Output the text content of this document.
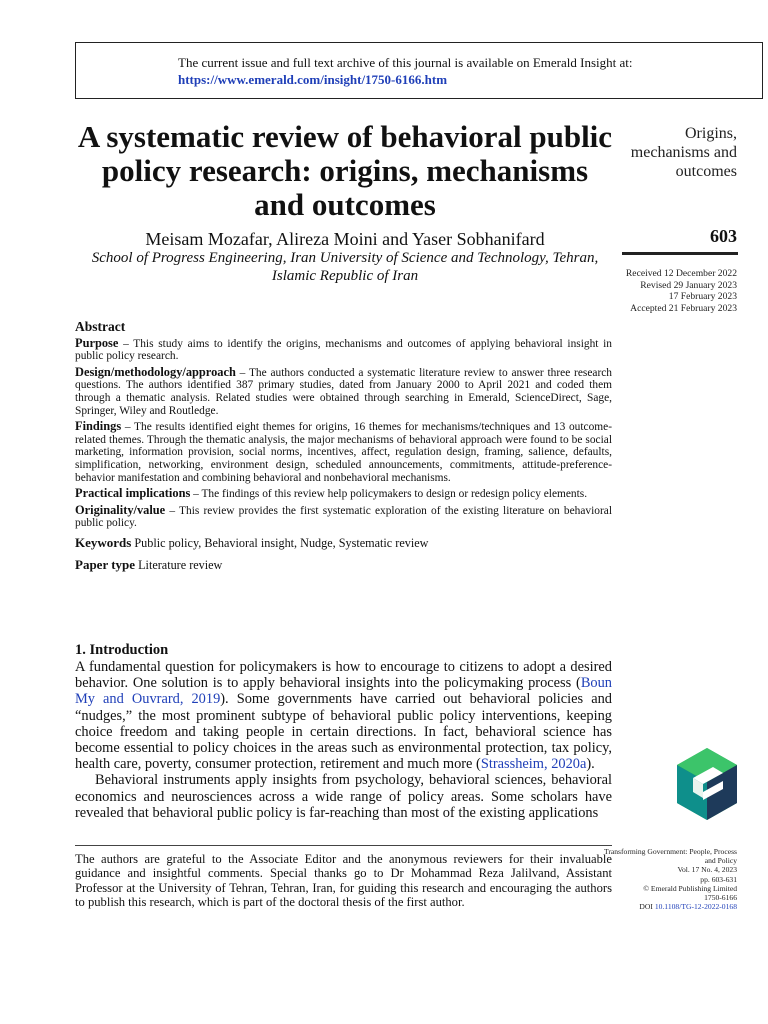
The current issue and full text archive of this journal is available on Emerald Insight at:
https://www.emerald.com/insight/1750-6166.htm
A systematic review of behavioral public policy research: origins, mechanisms and outcomes
Meisam Mozafar, Alireza Moini and Yaser Sobhanifard
School of Progress Engineering, Iran University of Science and Technology, Tehran, Islamic Republic of Iran
Origins, mechanisms and outcomes
603
Received 12 December 2022
Revised 29 January 2023
17 February 2023
Accepted 21 February 2023
Abstract

Purpose – This study aims to identify the origins, mechanisms and outcomes of applying behavioral insight in public policy research.

Design/methodology/approach – The authors conducted a systematic literature review to answer three research questions. The authors identified 387 primary studies, dated from January 2000 to April 2021 and coded them through a thematic analysis. Related studies were obtained through searching in Emerald, ScienceDirect, Sage, Springer, Wiley and Routledge.

Findings – The results identified eight themes for origins, 16 themes for mechanisms/techniques and 13 outcome-related themes. Through the thematic analysis, the major mechanisms of behavioral approach were found to be social marketing, information provision, social norms, incentives, affect, regulation design, framing, salience, defaults, simplification, networking, environment design, scheduled announcements, commitments, attitude-preference-behavior manifestation and combining behavioral and nonbehavioral mechanisms.

Practical implications – The findings of this review help policymakers to design or redesign policy elements.

Originality/value – This review provides the first systematic exploration of the existing literature on behavioral public policy.

Keywords Public policy, Behavioral insight, Nudge, Systematic review
Paper type Literature review
1. Introduction

A fundamental question for policymakers is how to encourage to citizens to adopt a desired behavior. One solution is to apply behavioral insights into the policymaking process (Boun My and Ouvrard, 2019). Some governments have carried out behavioral policies and “nudges,” the most prominent subtype of behavioral public policy interventions, keeping choice freedom and taking people in certain directions. In fact, behavioral science has become essential to policy choices in the areas such as environmental protection, tax policy, health care, poverty, consumer protection, retirement and much more (Strassheim, 2020a).

Behavioral instruments apply insights from psychology, behavioral sciences, behavioral economics and neurosciences across a wide range of policy areas. Some scholars have revealed that behavioral public policy is far-reaching than most of the existing applications

The authors are grateful to the Associate Editor and the anonymous reviewers for their invaluable guidance and insightful comments. Special thanks go to Dr Mohammad Reza Jalilvand, Assistant Professor at the University of Tehran, Tehran, Iran, for guiding this research and encouraging the authors to publish this research, which is part of the doctoral thesis of the first author.
Transforming Government: People, Process and Policy
Vol. 17 No. 4, 2023
pp. 603-631
© Emerald Publishing Limited
1750-6166
DOI 10.1108/TG-12-2022-0168
